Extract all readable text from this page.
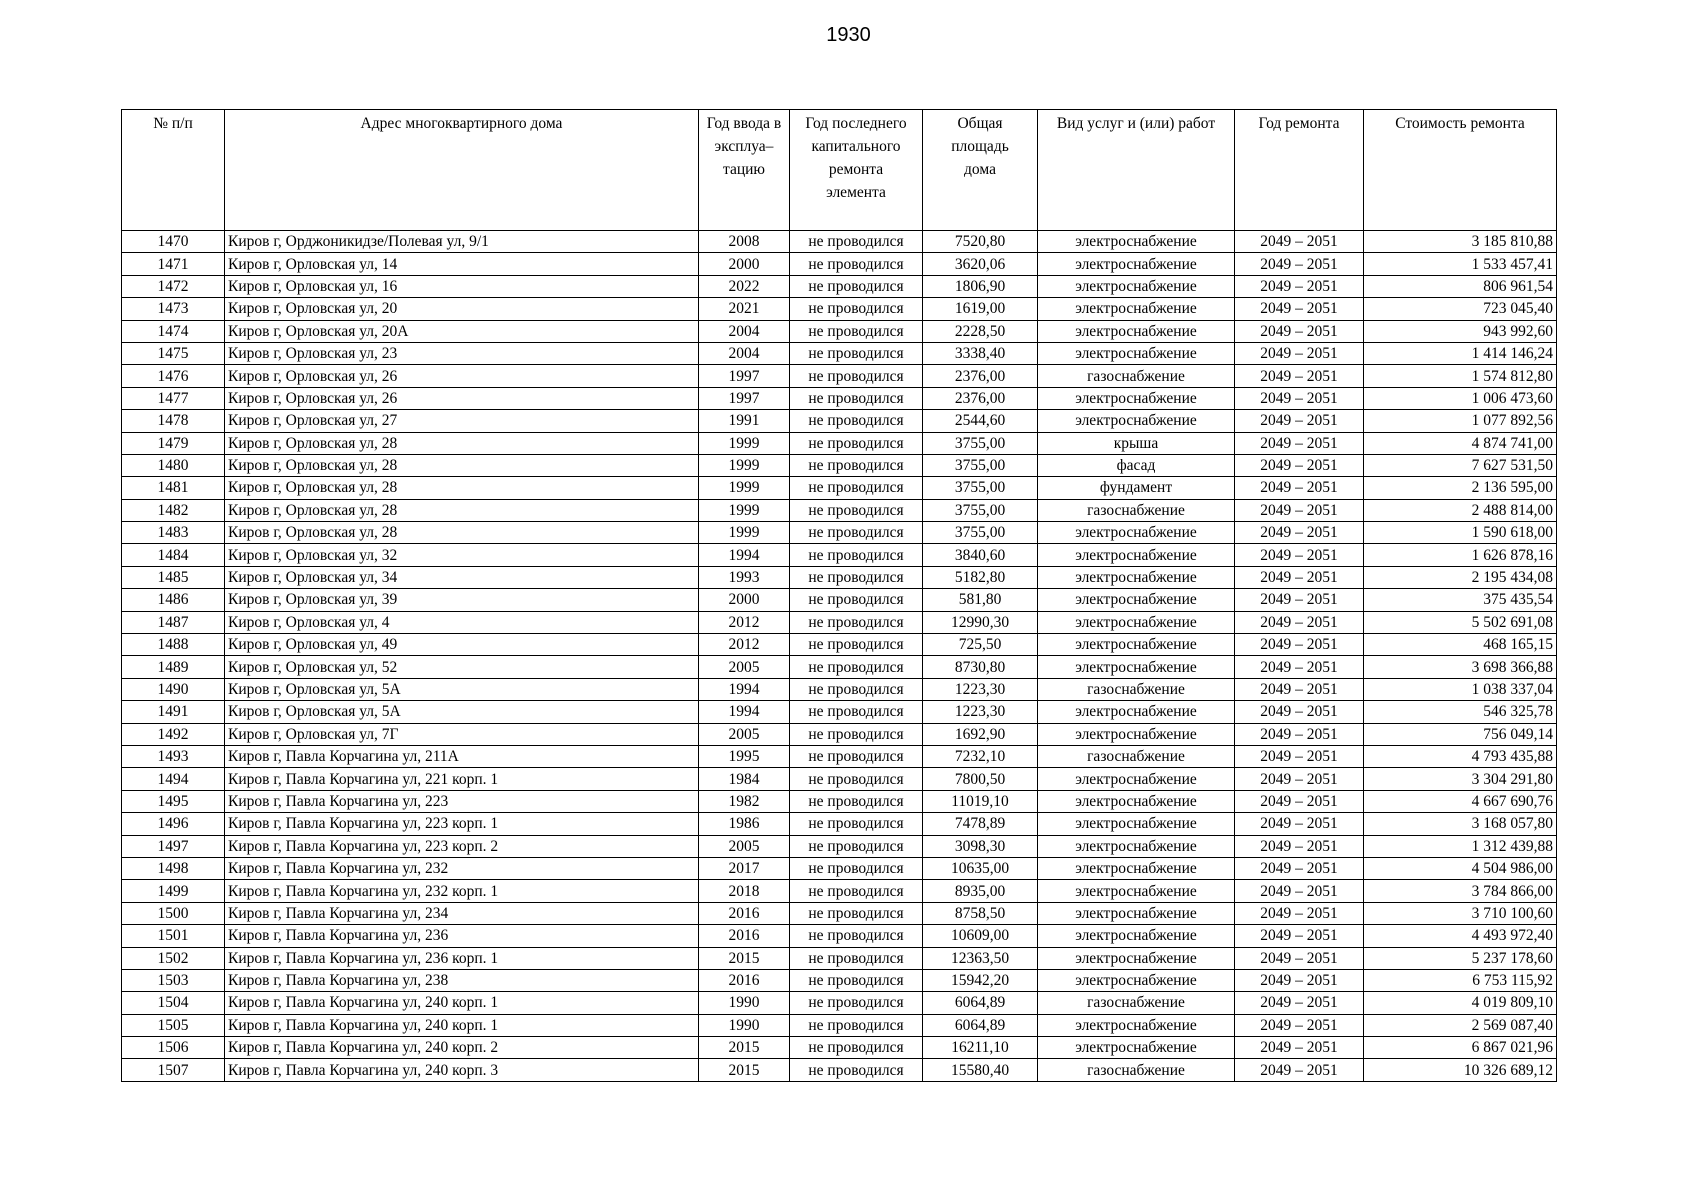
1930
№ п/п	Адрес многоквартирного дома	Год ввода в эксплуа–тацию	Год последнего капитального ремонта элемента	Общая площадь дома	Вид услуг и (или) работ	Год ремонта	Стоимость ремонта
1470	Киров г, Орджоникидзе/Полевая ул, 9/1	2008	не проводился	7520,80	электроснабжение	2049 – 2051	3 185 810,88
1471	Киров г, Орловская ул, 14	2000	не проводился	3620,06	электроснабжение	2049 – 2051	1 533 457,41
1472	Киров г, Орловская ул, 16	2022	не проводился	1806,90	электроснабжение	2049 – 2051	806 961,54
1473	Киров г, Орловская ул, 20	2021	не проводился	1619,00	электроснабжение	2049 – 2051	723 045,40
1474	Киров г, Орловская ул, 20А	2004	не проводился	2228,50	электроснабжение	2049 – 2051	943 992,60
1475	Киров г, Орловская ул, 23	2004	не проводился	3338,40	электроснабжение	2049 – 2051	1 414 146,24
1476	Киров г, Орловская ул, 26	1997	не проводился	2376,00	газоснабжение	2049 – 2051	1 574 812,80
1477	Киров г, Орловская ул, 26	1997	не проводился	2376,00	электроснабжение	2049 – 2051	1 006 473,60
1478	Киров г, Орловская ул, 27	1991	не проводился	2544,60	электроснабжение	2049 – 2051	1 077 892,56
1479	Киров г, Орловская ул, 28	1999	не проводился	3755,00	крыша	2049 – 2051	4 874 741,00
1480	Киров г, Орловская ул, 28	1999	не проводился	3755,00	фасад	2049 – 2051	7 627 531,50
1481	Киров г, Орловская ул, 28	1999	не проводился	3755,00	фундамент	2049 – 2051	2 136 595,00
1482	Киров г, Орловская ул, 28	1999	не проводился	3755,00	газоснабжение	2049 – 2051	2 488 814,00
1483	Киров г, Орловская ул, 28	1999	не проводился	3755,00	электроснабжение	2049 – 2051	1 590 618,00
1484	Киров г, Орловская ул, 32	1994	не проводился	3840,60	электроснабжение	2049 – 2051	1 626 878,16
1485	Киров г, Орловская ул, 34	1993	не проводился	5182,80	электроснабжение	2049 – 2051	2 195 434,08
1486	Киров г, Орловская ул, 39	2000	не проводился	581,80	электроснабжение	2049 – 2051	375 435,54
1487	Киров г, Орловская ул, 4	2012	не проводился	12990,30	электроснабжение	2049 – 2051	5 502 691,08
1488	Киров г, Орловская ул, 49	2012	не проводился	725,50	электроснабжение	2049 – 2051	468 165,15
1489	Киров г, Орловская ул, 52	2005	не проводился	8730,80	электроснабжение	2049 – 2051	3 698 366,88
1490	Киров г, Орловская ул, 5А	1994	не проводился	1223,30	газоснабжение	2049 – 2051	1 038 337,04
1491	Киров г, Орловская ул, 5А	1994	не проводился	1223,30	электроснабжение	2049 – 2051	546 325,78
1492	Киров г, Орловская ул, 7Г	2005	не проводился	1692,90	электроснабжение	2049 – 2051	756 049,14
1493	Киров г, Павла Корчагина ул, 211А	1995	не проводился	7232,10	газоснабжение	2049 – 2051	4 793 435,88
1494	Киров г, Павла Корчагина ул, 221 корп. 1	1984	не проводился	7800,50	электроснабжение	2049 – 2051	3 304 291,80
1495	Киров г, Павла Корчагина ул, 223	1982	не проводился	11019,10	электроснабжение	2049 – 2051	4 667 690,76
1496	Киров г, Павла Корчагина ул, 223 корп. 1	1986	не проводился	7478,89	электроснабжение	2049 – 2051	3 168 057,80
1497	Киров г, Павла Корчагина ул, 223 корп. 2	2005	не проводился	3098,30	электроснабжение	2049 – 2051	1 312 439,88
1498	Киров г, Павла Корчагина ул, 232	2017	не проводился	10635,00	электроснабжение	2049 – 2051	4 504 986,00
1499	Киров г, Павла Корчагина ул, 232 корп. 1	2018	не проводился	8935,00	электроснабжение	2049 – 2051	3 784 866,00
1500	Киров г, Павла Корчагина ул, 234	2016	не проводился	8758,50	электроснабжение	2049 – 2051	3 710 100,60
1501	Киров г, Павла Корчагина ул, 236	2016	не проводился	10609,00	электроснабжение	2049 – 2051	4 493 972,40
1502	Киров г, Павла Корчагина ул, 236 корп. 1	2015	не проводился	12363,50	электроснабжение	2049 – 2051	5 237 178,60
1503	Киров г, Павла Корчагина ул, 238	2016	не проводился	15942,20	электроснабжение	2049 – 2051	6 753 115,92
1504	Киров г, Павла Корчагина ул, 240 корп. 1	1990	не проводился	6064,89	газоснабжение	2049 – 2051	4 019 809,10
1505	Киров г, Павла Корчагина ул, 240 корп. 1	1990	не проводился	6064,89	электроснабжение	2049 – 2051	2 569 087,40
1506	Киров г, Павла Корчагина ул, 240 корп. 2	2015	не проводился	16211,10	электроснабжение	2049 – 2051	6 867 021,96
1507	Киров г, Павла Корчагина ул, 240 корп. 3	2015	не проводился	15580,40	газоснабжение	2049 – 2051	10 326 689,12
